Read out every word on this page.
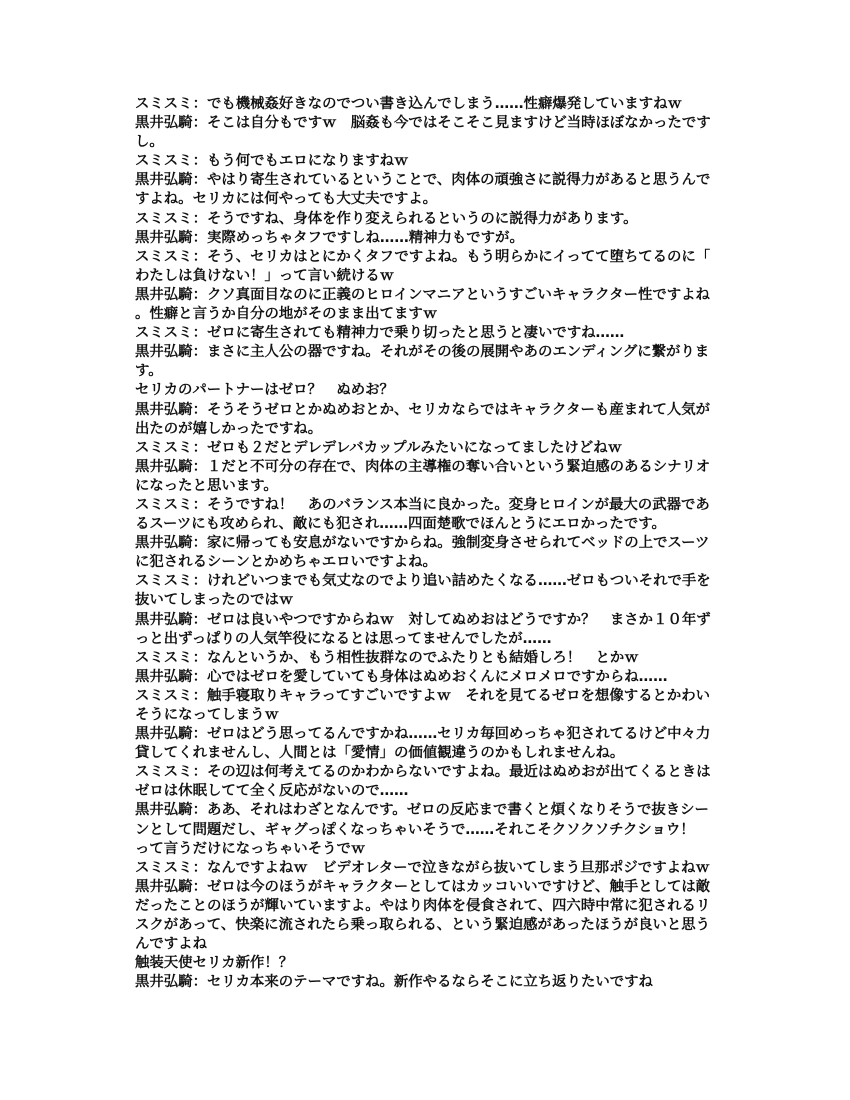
スミスミ：でも機械姦好きなのでつい書き込んでしまう……性癖爆発していますねｗ
黒井弘騎：そこは自分もですｗ　脳姦も今ではそこそこ見ますけど当時ほぼなかったです
し。
スミスミ：もう何でもエロになりますねｗ
黒井弘騎：やはり寄生されているということで、肉体の頑強さに説得力があると思うんで
すよね。セリカには何やっても大丈夫ですよ。
スミスミ：そうですね、身体を作り変えられるというのに説得力があります。
黒井弘騎：実際めっちゃタフですしね……精神力もですが。
スミスミ：そう、セリカはとにかくタフですよね。もう明らかにイってて堕ちてるのに「
わたしは負けない！」って言い続けるｗ
黒井弘騎：クソ真面目なのに正義のヒロインマニアというすごいキャラクター性ですよね
。性癖と言うか自分の地がそのまま出てますｗ
スミスミ：ゼロに寄生されても精神力で乗り切ったと思うと凄いですね……
黒井弘騎：まさに主人公の器ですね。それがその後の展開やあのエンディングに繋がりま
す。
セリカのパートナーはゼロ？　ぬめお？
黒井弘騎：そうそうゼロとかぬめおとか、セリカならではキャラクターも産まれて人気が
出たのが嬉しかったですね。
スミスミ：ゼロも２だとデレデレバカップルみたいになってましたけどねｗ
黒井弘騎：１だと不可分の存在で、肉体の主導権の奪い合いという緊迫感のあるシナリオ
になったと思います。
スミスミ：そうですね！　あのバランス本当に良かった。変身ヒロインが最大の武器であ
るスーツにも攻められ、敵にも犯され……四面楚歌でほんとうにエロかったです。
黒井弘騎：家に帰っても安息がないですからね。強制変身させられてベッドの上でスーツ
に犯されるシーンとかめちゃエロいですよね。
スミスミ：けれどいつまでも気丈なのでより追い詰めたくなる……ゼロもついそれで手を
抜いてしまったのではｗ
黒井弘騎：ゼロは良いやつですからねｗ　対してぬめおはどうですか？　まさか１０年ず
っと出ずっぱりの人気竿役になるとは思ってませんでしたが……
スミスミ：なんというか、もう相性抜群なのでふたりとも結婚しろ！　とかｗ
黒井弘騎：心ではゼロを愛していても身体はぬめおくんにメロメロですからね……
スミスミ：触手寝取りキャラってすごいですよｗ　それを見てるゼロを想像するとかわい
そうになってしまうｗ
黒井弘騎：ゼロはどう思ってるんですかね……セリカ毎回めっちゃ犯されてるけど中々力
貸してくれませんし、人間とは「愛情」の価値観違うのかもしれませんね。
スミスミ：その辺は何考えてるのかわからないですよね。最近はぬめおが出てくるときは
ゼロは休眠してて全く反応がないので……
黒井弘騎：ああ、それはわざとなんです。ゼロの反応まで書くと煩くなりそうで抜きシー
ンとして問題だし、ギャグっぽくなっちゃいそうで……それこそクソクソチクショウ！
って言うだけになっちゃいそうでｗ
スミスミ：なんですよねｗ　ビデオレターで泣きながら抜いてしまう旦那ポジですよねｗ
黒井弘騎：ゼロは今のほうがキャラクターとしてはカッコいいですけど、触手としては敵
だったことのほうが輝いていますよ。やはり肉体を侵食されて、四六時中常に犯されるリ
スクがあって、快楽に流されたら乗っ取られる、という緊迫感があったほうが良いと思う
んですよね
触装天使セリカ新作！？
黒井弘騎：セリカ本来のテーマですね。新作やるならそこに立ち返りたいですね
